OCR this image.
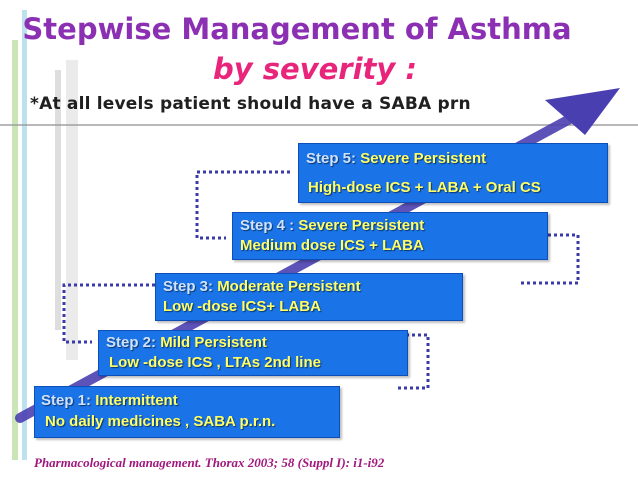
Stepwise Management of Asthma
by severity :
*At all levels patient should have a SABA prn
Step 1: Intermittent
No daily medicines , SABA p.r.n.
Step 2: Mild Persistent
Low -dose ICS , LTAs 2nd line
Step 3: Moderate Persistent
Low -dose ICS+ LABA
Step 4 : Severe Persistent
Medium dose ICS + LABA
Step 5: Severe Persistent
High-dose ICS + LABA + Oral CS
Pharmacological management. Thorax 2003; 58 (Suppl I): i1-i92
